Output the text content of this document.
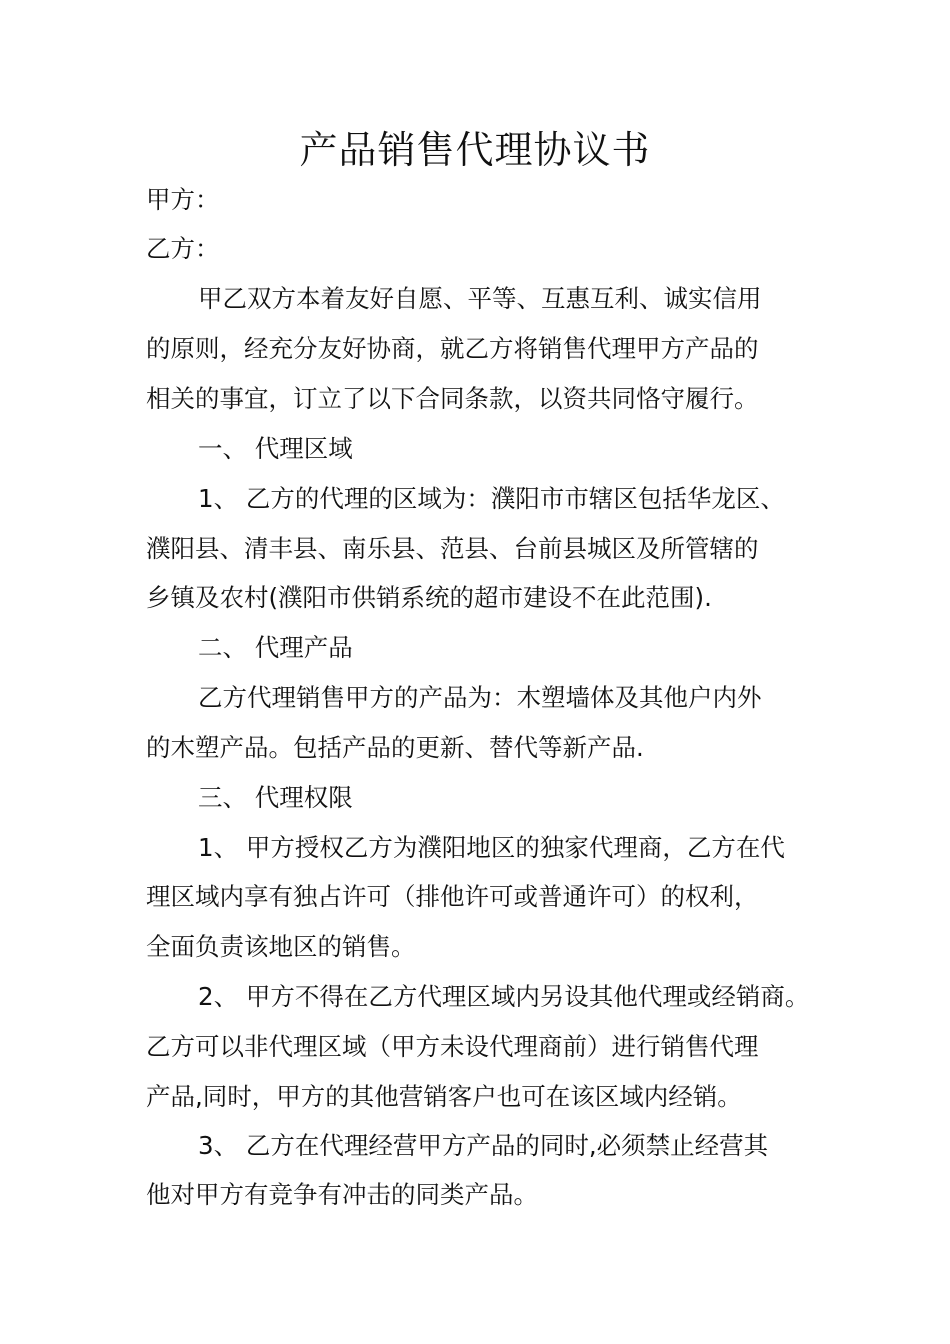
产品销售代理协议书
甲方：
乙方：
甲乙双方本着友好自愿、平等、互惠互利、诚实信用
的原则，经充分友好协商，就乙方将销售代理甲方产品的
相关的事宜，订立了以下合同条款，以资共同恪守履行。
一、 代理区域
1、 乙方的代理的区域为：濮阳市市辖区包括华龙区、
濮阳县、清丰县、南乐县、范县、台前县城区及所管辖的
乡镇及农村(濮阳市供销系统的超市建设不在此范围).
二、 代理产品
乙方代理销售甲方的产品为：木塑墙体及其他户内外
的木塑产品。包括产品的更新、替代等新产品.
三、 代理权限
1、 甲方授权乙方为濮阳地区的独家代理商，乙方在代
理区域内享有独占许可（排他许可或普通许可）的权利，
全面负责该地区的销售。
2、 甲方不得在乙方代理区域内另设其他代理或经销商。
乙方可以非代理区域（甲方未设代理商前）进行销售代理
产品,同时，甲方的其他营销客户也可在该区域内经销。
3、 乙方在代理经营甲方产品的同时,必须禁止经营其
他对甲方有竞争有冲击的同类产品。
